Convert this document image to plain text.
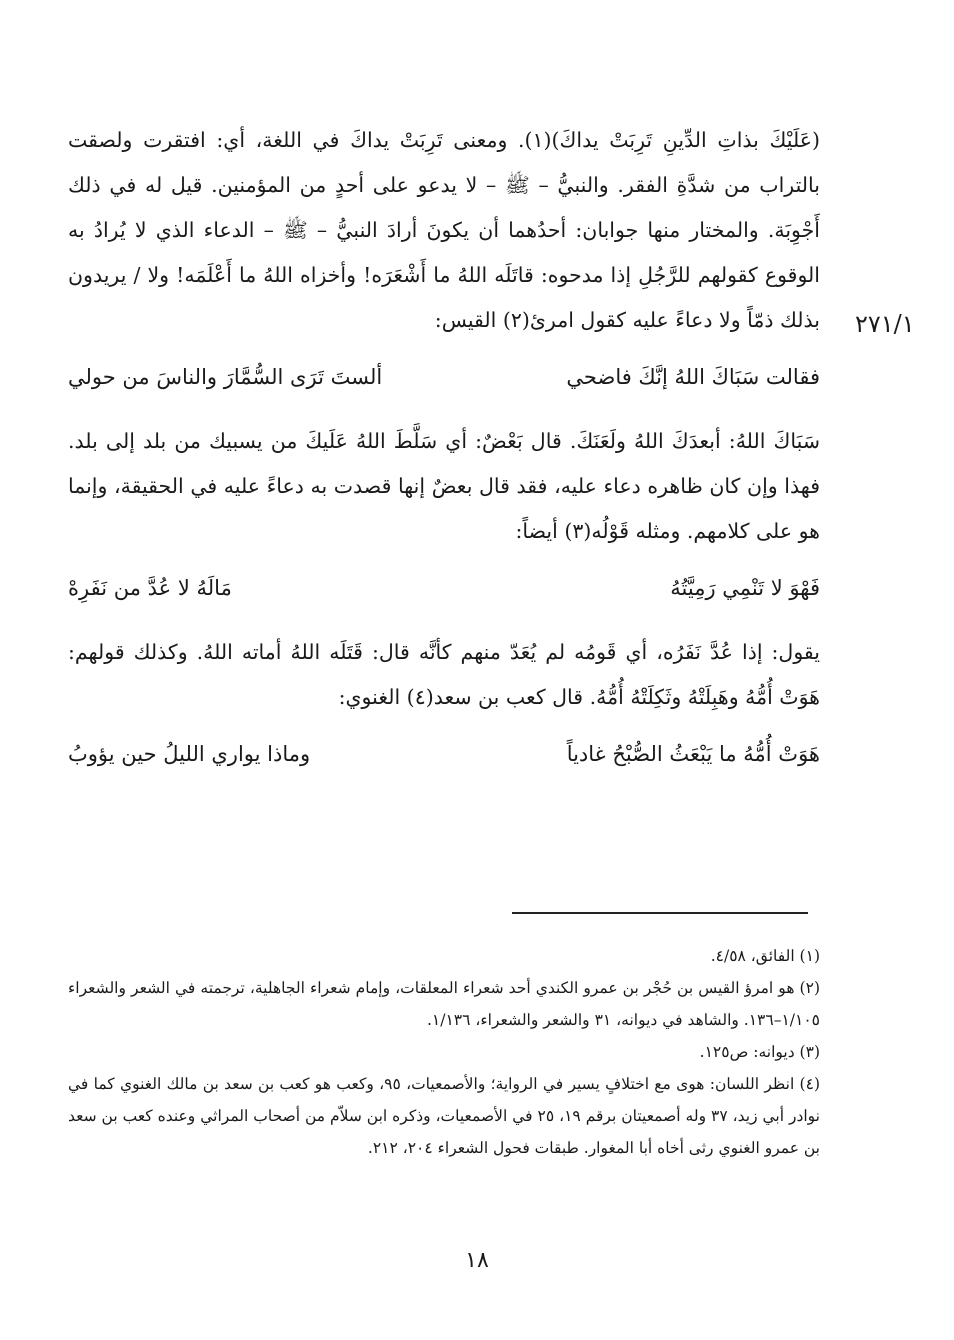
٢٧١/١

(عَلَيْكَ بذاتِ الدِّينِ تَرِبَتْ يداكَ)(١). ومعنى تَرِبَتْ يداكَ في اللغة، أي: افتقرت ولصقت بالتراب من شدَّةِ الفقر. والنبيُّ – ﷺ – لا يدعو على أحدٍ من المؤمنين. قيل له في ذلك أَجْوِبَة. والمختار منها جوابان: أحدُهما أن يكونَ أرادَ النبيُّ – ﷺ – الدعاء الذي لا يُرادُ به الوقوع كقولهم للرَّجُلِ إذا مدحوه: قاتَلَه اللهُ ما أَشْعَرَه! وأخزاه اللهُ ما أَعْلَمَه! ولا / يريدون بذلك ذمّاً ولا دعاءً عليه كقول امرئ(٢) القيس:

فقالت سَبَاكَ اللهُ إنَّكَ فاضحي
ألستَ تَرَى السُّمَّارَ والناسَ من حولي

سَبَاكَ اللهُ: أبعدَكَ اللهُ ولَعَنَكَ. قال بَعْضٌ: أي سَلَّطَ اللهُ عَلَيكَ من يسبيك من بلد إلى بلد. فهذا وإن كان ظاهره دعاء عليه، فقد قال بعضٌ إنها قصدت به دعاءً عليه في الحقيقة، وإنما هو على كلامهم. ومثله قَوْلُه(٣) أيضاً:

فَهْوَ لا تَنْمِي رَمِيَّتُهُ
مَالَهُ لا عُدَّ من نَفَرِهْ

يقول: إذا عُدَّ نَفَرُه، أي قَومُه لم يُعَدّ منهم كأنَّه قال: قَتَلَه اللهُ أماته اللهُ. وكذلك قولهم: هَوَتْ أُمُّهُ وهَبِلَتْهُ وثَكِلَتْهُ أُمُّهُ. قال كعب بن سعد(٤) الغنوي:

هَوَتْ أُمُّهُ ما يَبْعَثُ الصُّبْحُ غادياً
وماذا يواري الليلُ حين يؤوبُ

(١) الفائق، ٤/٥٨.

(٢) هو امرؤ القيس بن حُجْر بن عمرو الكندي أحد شعراء المعلقات، وإمام شعراء الجاهلية، ترجمته في الشعر والشعراء ١/١٠٥–١٣٦. والشاهد في ديوانه، ٣١ والشعر والشعراء، ١/١٣٦.

(٣) ديوانه: ص١٢٥.

(٤) انظر اللسان: هوى مع اختلافٍ يسير في الرواية؛ والأصمعيات، ٩٥، وكعب هو كعب بن سعد بن مالك الغنوي كما في نوادر أبي زيد، ٣٧ وله أصمعيتان برقم ١٩، ٢٥ في الأصمعيات، وذكره ابن سلاّم من أصحاب المراثي وعنده كعب بن سعد بن عمرو الغنوي رثى أخاه أبا المغوار. طبقات فحول الشعراء ٢٠٤، ٢١٢.

١٨
